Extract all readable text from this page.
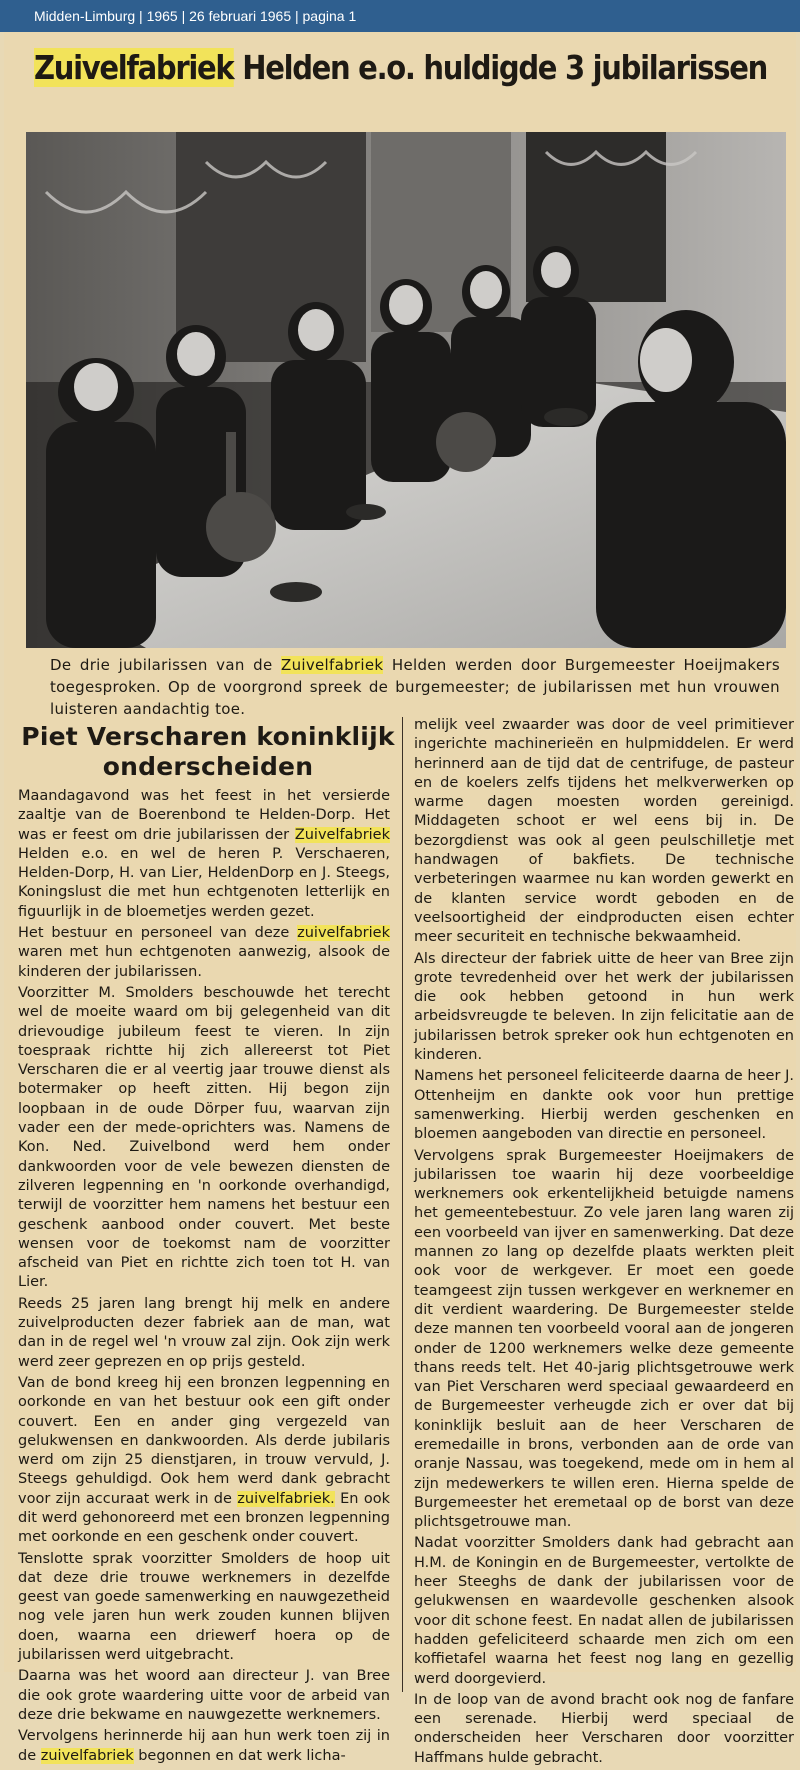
Midden-Limburg | 1965 | 26 februari 1965 | pagina 1
Zuivelfabriek Helden e.o. huldigde 3 jubilarissen
De drie jubilarissen van de Zuivelfabriek Helden werden door Burgemeester Hoeijmakers toegesproken. Op de voorgrond spreek de burgemeester; de jubilarissen met hun vrouwen luisteren aandachtig toe.
Piet Verscharen koninklijk onderscheiden

Maandagavond was het feest in het versierde zaaltje van de Boerenbond te Helden-Dorp. Het was er feest om drie jubilarissen der Zuivelfabriek Helden e.o. en wel de heren P. Verschaeren, Helden-Dorp, H. van Lier, HeldenDorp en J. Steegs, Koningslust die met hun echtgenoten letterlijk en figuurlijk in de bloemetjes werden gezet.

Het bestuur en personeel van deze zuivelfabriek waren met hun echtgenoten aanwezig, alsook de kinderen der jubilarissen.

Voorzitter M. Smolders beschouwde het terecht wel de moeite waard om bij gelegenheid van dit drievoudige jubileum feest te vieren. In zijn toespraak richtte hij zich allereerst tot Piet Verscharen die er al veertig jaar trouwe dienst als botermaker op heeft zitten. Hij begon zijn loopbaan in de oude Dörper fuu, waarvan zijn vader een der mede-oprichters was. Namens de Kon. Ned. Zuivelbond werd hem onder dankwoorden voor de vele bewezen diensten de zilveren legpenning en 'n oorkonde overhandigd, terwijl de voorzitter hem namens het bestuur een geschenk aanbood onder couvert. Met beste wensen voor de toekomst nam de voorzitter afscheid van Piet en richtte zich toen tot H. van Lier.

Reeds 25 jaren lang brengt hij melk en andere zuivelproducten dezer fabriek aan de man, wat dan in de regel wel 'n vrouw zal zijn. Ook zijn werk werd zeer geprezen en op prijs gesteld.

Van de bond kreeg hij een bronzen legpenning en oorkonde en van het bestuur ook een gift onder couvert. Een en ander ging vergezeld van gelukwensen en dankwoorden. Als derde jubilaris werd om zijn 25 dienstjaren, in trouw vervuld, J. Steegs gehuldigd. Ook hem werd dank gebracht voor zijn accuraat werk in de zuivelfabriek. En ook dit werd gehonoreerd met een bronzen legpenning met oorkonde en een geschenk onder couvert.

Tenslotte sprak voorzitter Smolders de hoop uit dat deze drie trouwe werknemers in dezelfde geest van goede samenwerking en nauwgezetheid nog vele jaren hun werk zouden kunnen blijven doen, waarna een driewerf hoera op de jubilarissen werd uitgebracht.

Daarna was het woord aan directeur J. van Bree die ook grote waardering uitte voor de arbeid van deze drie bekwame en nauwgezette werknemers.

Vervolgens herinnerde hij aan hun werk toen zij in de zuivelfabriek begonnen en dat werk licha-

melijk veel zwaarder was door de veel primitiever ingerichte machinerieën en hulpmiddelen. Er werd herinnerd aan de tijd dat de centrifuge, de pasteur en de koelers zelfs tijdens het melkverwerken op warme dagen moesten worden gereinigd. Middageten schoot er wel eens bij in. De bezorgdienst was ook al geen peulschilletje met handwagen of bakfiets. De technische verbeteringen waarmee nu kan worden gewerkt en de klanten service wordt geboden en de veelsoortigheid der eindproducten eisen echter meer securiteit en technische bekwaamheid.

Als directeur der fabriek uitte de heer van Bree zijn grote tevredenheid over het werk der jubilarissen die ook hebben getoond in hun werk arbeidsvreugde te beleven. In zijn felicitatie aan de jubilarissen betrok spreker ook hun echtgenoten en kinderen.

Namens het personeel feliciteerde daarna de heer J. Ottenheijm en dankte ook voor hun prettige samenwerking. Hierbij werden geschenken en bloemen aangeboden van directie en personeel.

Vervolgens sprak Burgemeester Hoeijmakers de jubilarissen toe waarin hij deze voorbeeldige werknemers ook erkentelijkheid betuigde namens het gemeentebestuur. Zo vele jaren lang waren zij een voorbeeld van ijver en samenwerking. Dat deze mannen zo lang op dezelfde plaats werkten pleit ook voor de werkgever. Er moet een goede teamgeest zijn tussen werkgever en werknemer en dit verdient waardering. De Burgemeester stelde deze mannen ten voorbeeld vooral aan de jongeren onder de 1200 werknemers welke deze gemeente thans reeds telt. Het 40-jarig plichtsgetrouwe werk van Piet Verscharen werd speciaal gewaardeerd en de Burgemeester verheugde zich er over dat bij koninklijk besluit aan de heer Verscharen de eremedaille in brons, verbonden aan de orde van oranje Nassau, was toegekend, mede om in hem al zijn medewerkers te willen eren. Hierna spelde de Burgemeester het eremetaal op de borst van deze plichtsgetrouwe man.

Nadat voorzitter Smolders dank had gebracht aan H.M. de Koningin en de Burgemeester, vertolkte de heer Steeghs de dank der jubilarissen voor de gelukwensen en waardevolle geschenken alsook voor dit schone feest. En nadat allen de jubilarissen hadden gefeliciteerd schaarde men zich om een koffietafel waarna het feest nog lang en gezellig werd doorgevierd.

In de loop van de avond bracht ook nog de fanfare een serenade. Hierbij werd speciaal de onderscheiden heer Verscharen door voorzitter Haffmans hulde gebracht.
